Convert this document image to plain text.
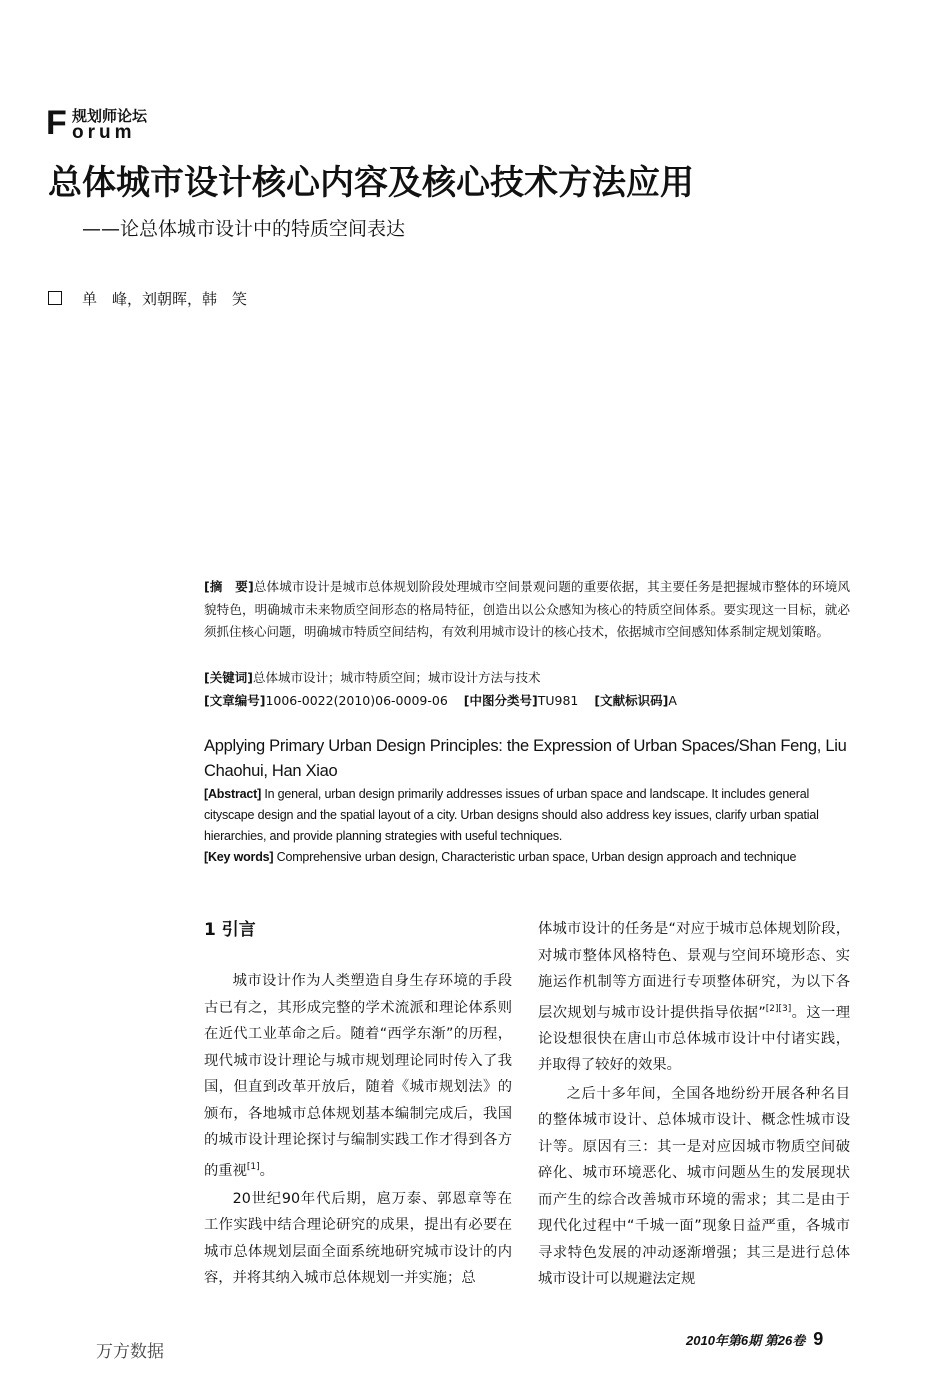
F 规划师论坛
orum
总体城市设计核心内容及核心技术方法应用
——论总体城市设计中的特质空间表达
单　峰，刘朝晖，韩　笑
[摘　要]总体城市设计是城市总体规划阶段处理城市空间景观问题的重要依据，其主要任务是把握城市整体的环境风貌特色，明确城市未来物质空间形态的格局特征，创造出以公众感知为核心的特质空间体系。要实现这一目标，就必须抓住核心问题，明确城市特质空间结构，有效利用城市设计的核心技术，依据城市空间感知体系制定规划策略。
[关键词]总体城市设计；城市特质空间；城市设计方法与技术
[文章编号]1006-0022(2010)06-0009-06 [中图分类号]TU981 [文献标识码]A
Applying Primary Urban Design Principles: the Expression of Urban Spaces/Shan Feng, Liu Chaohui, Han Xiao
[Abstract] In general, urban design primarily addresses issues of urban space and landscape. It includes general cityscape design and the spatial layout of a city. Urban designs should also address key issues, clarify urban spatial hierarchies, and provide planning strategies with useful techniques.
[Key words] Comprehensive urban design, Characteristic urban space, Urban design approach and technique
1 引言

城市设计作为人类塑造自身生存环境的手段古已有之，其形成完整的学术流派和理论体系则在近代工业革命之后。随着“西学东渐”的历程，现代城市设计理论与城市规划理论同时传入了我国，但直到改革开放后，随着《城市规划法》的颁布，各地城市总体规划基本编制完成后，我国的城市设计理论探讨与编制实践工作才得到各方的重视[1]。

20世纪90年代后期，扈万泰、郭恩章等在工作实践中结合理论研究的成果，提出有必要在城市总体规划层面全面系统地研究城市设计的内容，并将其纳入城市总体规划一并实施；总

体城市设计的任务是“对应于城市总体规划阶段，对城市整体风格特色、景观与空间环境形态、实施运作机制等方面进行专项整体研究，为以下各层次规划与城市设计提供指导依据”[2][3]。这一理论设想很快在唐山市总体城市设计中付诸实践，并取得了较好的效果。

之后十多年间，全国各地纷纷开展各种名目的整体城市设计、总体城市设计、概念性城市设计等。原因有三：其一是对应因城市物质空间破碎化、城市环境恶化、城市问题丛生的发展现状而产生的综合改善城市环境的需求；其二是由于现代化过程中“千城一面”现象日益严重，各城市寻求特色发展的冲动逐渐增强；其三是进行总体城市设计可以规避法定规

2010年第6期 第26卷 9
万方数据
